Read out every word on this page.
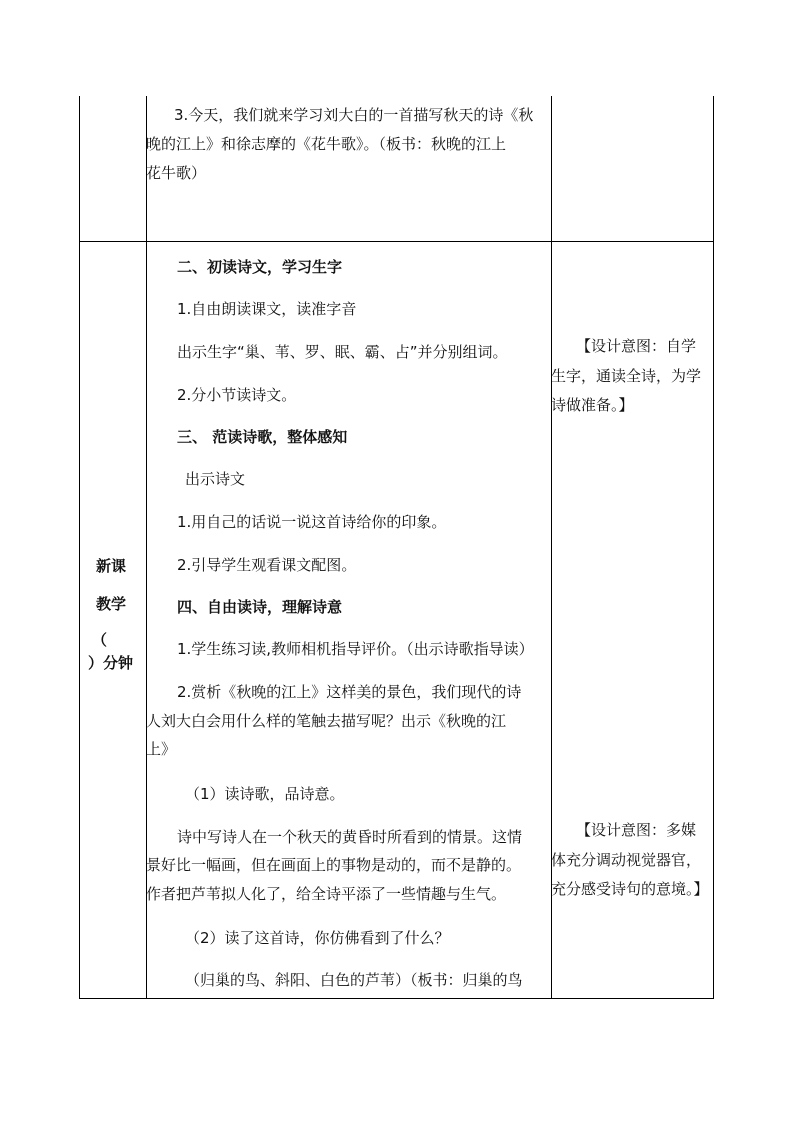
3.今天，我们就来学习刘大白的一首描写秋天的诗《秋
晚的江上》和徐志摩的《花牛歌》。（板书：秋晚的江上
花牛歌）
新课
教学
（
）分钟
二、初读诗文，学习生字
1.自由朗读课文，读准字音
出示生字“巢、苇、罗、眠、霸、占”并分别组词。
2.分小节读诗文。
三、 范读诗歌，整体感知
出示诗文
1.用自己的话说一说这首诗给你的印象。
2.引导学生观看课文配图。
四、自由读诗，理解诗意
1.学生练习读,教师相机指导评价。（出示诗歌指导读）
2.赏析《秋晚的江上》这样美的景色，我们现代的诗
人刘大白会用什么样的笔触去描写呢？出示《秋晚的江
上》
（1）读诗歌，品诗意。
诗中写诗人在一个秋天的黄昏时所看到的情景。这情
景好比一幅画，但在画面上的事物是动的，而不是静的。
作者把芦苇拟人化了，给全诗平添了一些情趣与生气。
（2）读了这首诗，你仿佛看到了什么？
（归巢的鸟、斜阳、白色的芦苇）（板书：归巢的鸟
【设计意图：自学
生字，通读全诗，为学
诗做准备。】
【设计意图：多媒
体充分调动视觉器官，
充分感受诗句的意境。】
